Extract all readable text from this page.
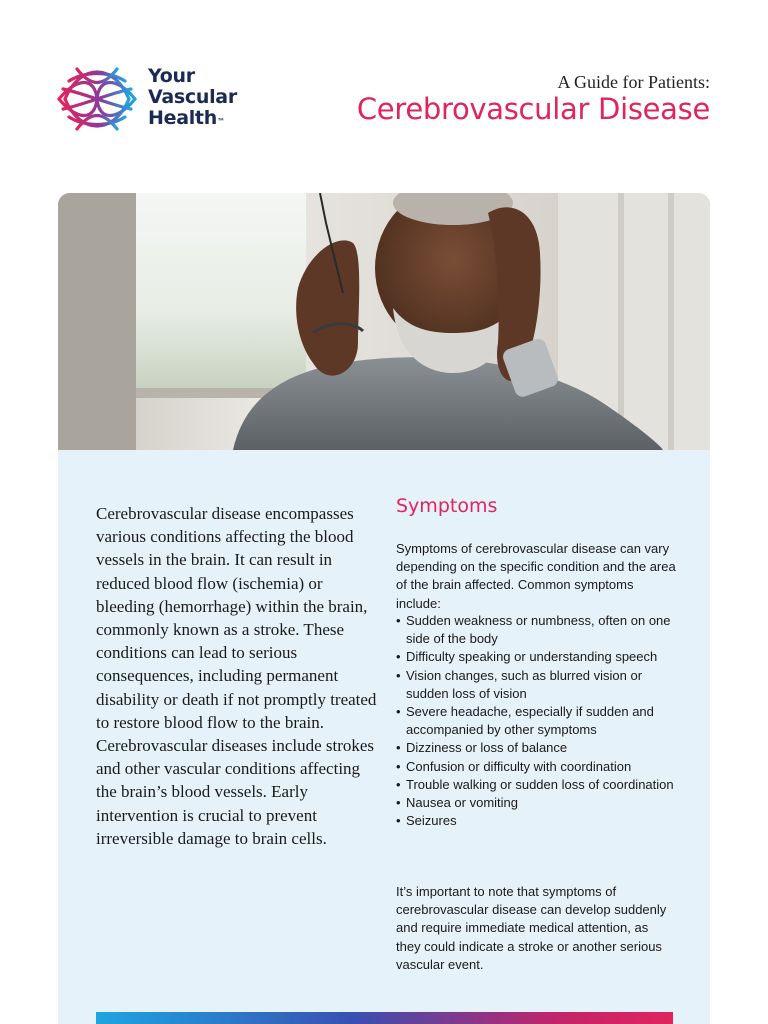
Your
Vascular
Health™
A Guide for Patients:
Cerebrovascular Disease

Cerebrovascular disease encompasses various conditions affecting the blood vessels in the brain. It can result in reduced blood flow (ischemia) or bleeding (hemorrhage) within the brain, commonly known as a stroke. These conditions can lead to serious consequences, including permanent disability or death if not promptly treated to restore blood flow to the brain. Cerebrovascular diseases include strokes and other vascular conditions affecting the brain’s blood vessels. Early intervention is crucial to prevent irreversible damage to brain cells.

Symptoms

Symptoms of cerebrovascular disease can vary depending on the specific condition and the area of the brain affected. Common symptoms include:

• Sudden weakness or numbness, often on one side of the body
• Difficulty speaking or understanding speech
• Vision changes, such as blurred vision or sudden loss of vision
• Severe headache, especially if sudden and accompanied by other symptoms
• Dizziness or loss of balance
• Confusion or difficulty with coordination
• Trouble walking or sudden loss of coordination
• Nausea or vomiting
• Seizures

It’s important to note that symptoms of cerebrovascular disease can develop suddenly and require immediate medical attention, as they could indicate a stroke or another serious vascular event.
